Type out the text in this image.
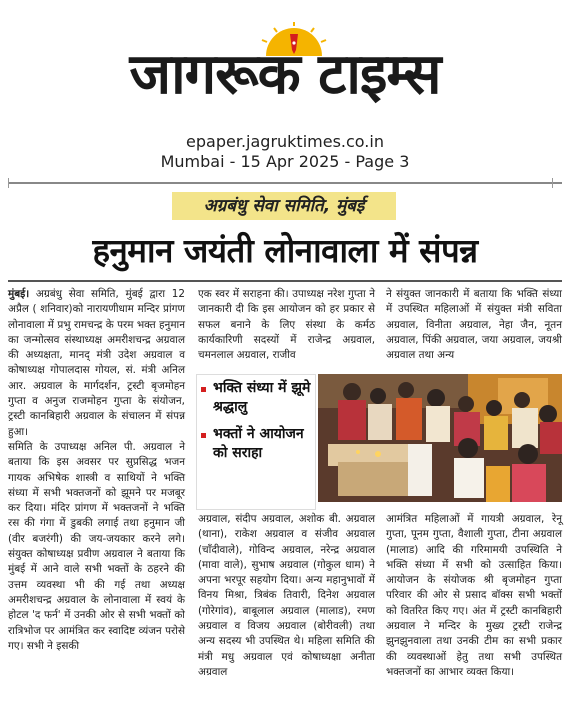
जागरूक टाइम्स
epaper.jagruktimes.co.in
Mumbai - 15 Apr 2025 - Page 3
अग्रबंधु सेवा समिति, मुंबई
हनुमान जयंती लोनावाला में संपन्न

मुंबई। अग्रबंधु सेवा समिति, मुंबई द्वारा 12 अप्रैल ( शनिवार)को नारायणीधाम मन्दिर प्रांगण लोनावाला में प्रभु रामचन्द्र के परम भक्त हनुमान का जन्मोत्सव संस्थाध्यक्ष अमरीशचन्द्र अग्रवाल की अध्यक्षता, मानद् मंत्री उदेश अग्रवाल व कोषाध्यक्ष गोपालदास गोयल, सं. मंत्री अनिल आर. अग्रवाल के मार्गदर्शन, ट्रस्टी बृजमोहन गुप्ता व अनुज राजमोहन गुप्ता के संयोजन, ट्रस्टी कानबिहारी अग्रवाल के संचालन में संपन्न हुआ।

समिति के उपाध्यक्ष अनिल पी. अग्रवाल ने बताया कि इस अवसर पर सुप्रसिद्ध भजन गायक अभिषेक शास्त्री व साथियों ने भक्ति संध्या में सभी भक्तजनों को झूमने पर मजबूर कर दिया। मंदिर प्रांगण में भक्तजनों ने भक्ति रस की गंगा में डुबकी लगाई तथा हनुमान जी (वीर बजरंगी) की जय-जयकार करने लगे। संयुक्त कोषाध्यक्ष प्रवीण अग्रवाल ने बताया कि मुंबई में आने वाले सभी भक्तों के ठहरने की उत्तम व्यवस्था भी की गई तथा अध्यक्ष अमरीशचन्द्र अग्रवाल के लोनावाला में स्वयं के होटल 'द फर्न' में उनकी ओर से सभी भक्तों को रात्रिभोज पर आमंत्रित कर स्वादिष्ट व्यंजन परोसे गए। सभी ने इसकी

एक स्वर में सराहना की। उपाध्यक्ष नरेश गुप्ता ने जानकारी दी कि इस आयोजन को हर प्रकार से सफल बनाने के लिए संस्था के कर्मठ कार्यकारिणी सदस्यों में राजेन्द्र अग्रवाल, चमनलाल अग्रवाल, राजीव

ने संयुक्त जानकारी में बताया कि भक्ति संध्या में उपस्थित महिलाओं में संयुक्त मंत्री सविता अग्रवाल, विनीता अग्रवाल, नेहा जैन, नूतन अग्रवाल, पिंकी अग्रवाल, जया अग्रवाल, जयश्री अग्रवाल तथा अन्य

भक्ति संध्या में झूमे श्रद्धालु
भक्तों ने आयोजन को सराहा

अग्रवाल, संदीप अग्रवाल, अशोक बी. अग्रवाल (थाना), राकेश अग्रवाल व संजीव अग्रवाल (चाँदीवाले), गोविन्द अग्रवाल, नरेन्द्र अग्रवाल (मावा वाले), सुभाष अग्रवाल (गोकुल धाम) ने अपना भरपूर सहयोग दिया। अन्य महानुभावों में विनय मिश्रा, त्रिबंक तिवारी, दिनेश अग्रवाल (गोरेगांव), बाबूलाल अग्रवाल (मालाड), रमण अग्रवाल व विजय अग्रवाल (बोरीवली) तथा अन्य सदस्य भी उपस्थित थे। महिला समिति की मंत्री मधु अग्रवाल एवं कोषाध्यक्षा अनीता अग्रवाल

आमंत्रित महिलाओं में गायत्री अग्रवाल, रेनू गुप्ता, पूनम गुप्ता, वैशाली गुप्ता, टीना अग्रवाल (मालाड) आदि की गरिमामयी उपस्थिति ने भक्ति संध्या में सभी को उत्साहित किया। आयोजन के संयोजक श्री बृजमोहन गुप्ता परिवार की ओर से प्रसाद बॉक्स सभी भक्तों को वितरित किए गए। अंत में ट्रस्टी कानबिहारी अग्रवाल ने मन्दिर के मुख्य ट्रस्टी राजेन्द्र झुनझुनवाला तथा उनकी टीम का सभी प्रकार की व्यवस्थाओं हेतु तथा सभी उपस्थित भक्तजनों का आभार व्यक्त किया।
